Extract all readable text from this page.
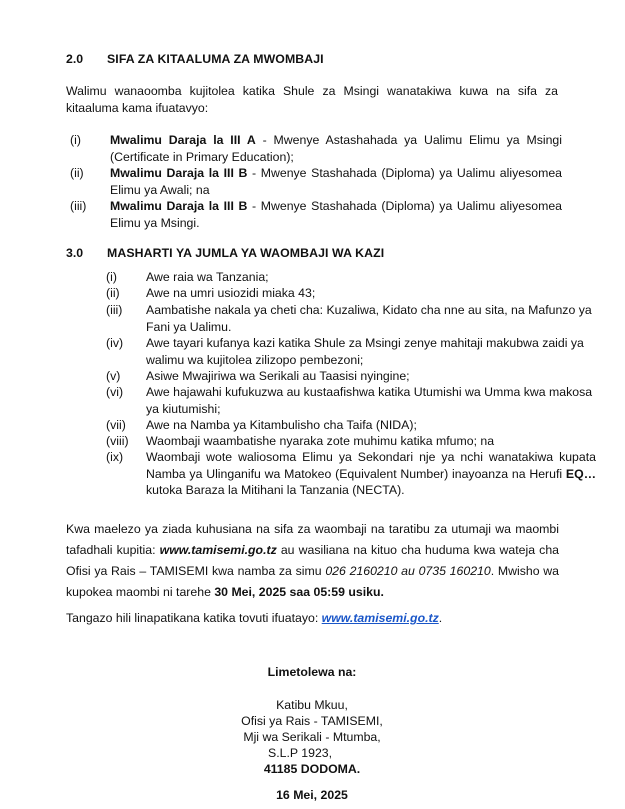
2.0 SIFA ZA KITAALUMA ZA MWOMBAJI

Walimu wanaoomba kujitolea katika Shule za Msingi wanatakiwa kuwa na sifa za kitaaluma kama ifuatavyo:

(i) Mwalimu Daraja la III A - Mwenye Astashahada ya Ualimu Elimu ya Msingi (Certificate in Primary Education);

(ii) Mwalimu Daraja la III B - Mwenye Stashahada (Diploma) ya Ualimu aliyesomea Elimu ya Awali; na

(iii) Mwalimu Daraja la III B - Mwenye Stashahada (Diploma) ya Ualimu aliyesomea Elimu ya Msingi.

3.0 MASHARTI YA JUMLA YA WAOMBAJI WA KAZI
(i) Awe raia wa Tanzania;
(ii) Awe na umri usiozidi miaka 43;
(iii) Aambatishe nakala ya cheti cha: Kuzaliwa, Kidato cha nne au sita, na Mafunzo ya Fani ya Ualimu.
(iv) Awe tayari kufanya kazi katika Shule za Msingi zenye mahitaji makubwa zaidi ya walimu wa kujitolea zilizopo pembezoni;
(v) Asiwe Mwajiriwa wa Serikali au Taasisi nyingine;
(vi) Awe hajawahi kufukuzwa au kustaafishwa katika Utumishi wa Umma kwa makosa ya kiutumishi;
(vii) Awe na Namba ya Kitambulisho cha Taifa (NIDA);
(viii) Waombaji waambatishe nyaraka zote muhimu katika mfumo; na
(ix) Waombaji wote waliosoma Elimu ya Sekondari nje ya nchi wanatakiwa kupata Namba ya Ulinganifu wa Matokeo (Equivalent Number) inayoanza na Herufi EQ… kutoka Baraza la Mitihani la Tanzania (NECTA).

Kwa maelezo ya ziada kuhusiana na sifa za waombaji na taratibu za utumaji wa maombi tafadhali kupitia: www.tamisemi.go.tz au wasiliana na kituo cha huduma kwa wateja cha Ofisi ya Rais – TAMISEMI kwa namba za simu 026 2160210 au 0735 160210. Mwisho wa kupokea maombi ni tarehe 30 Mei, 2025 saa 05:59 usiku.

Tangazo hili linapatikana katika tovuti ifuatayo: www.tamisemi.go.tz.

Limetolewa na:
Katibu Mkuu,
Ofisi ya Rais - TAMISEMI,
Mji wa Serikali - Mtumba,
S.L.P 1923,
41185 DODOMA.
16 Mei, 2025
